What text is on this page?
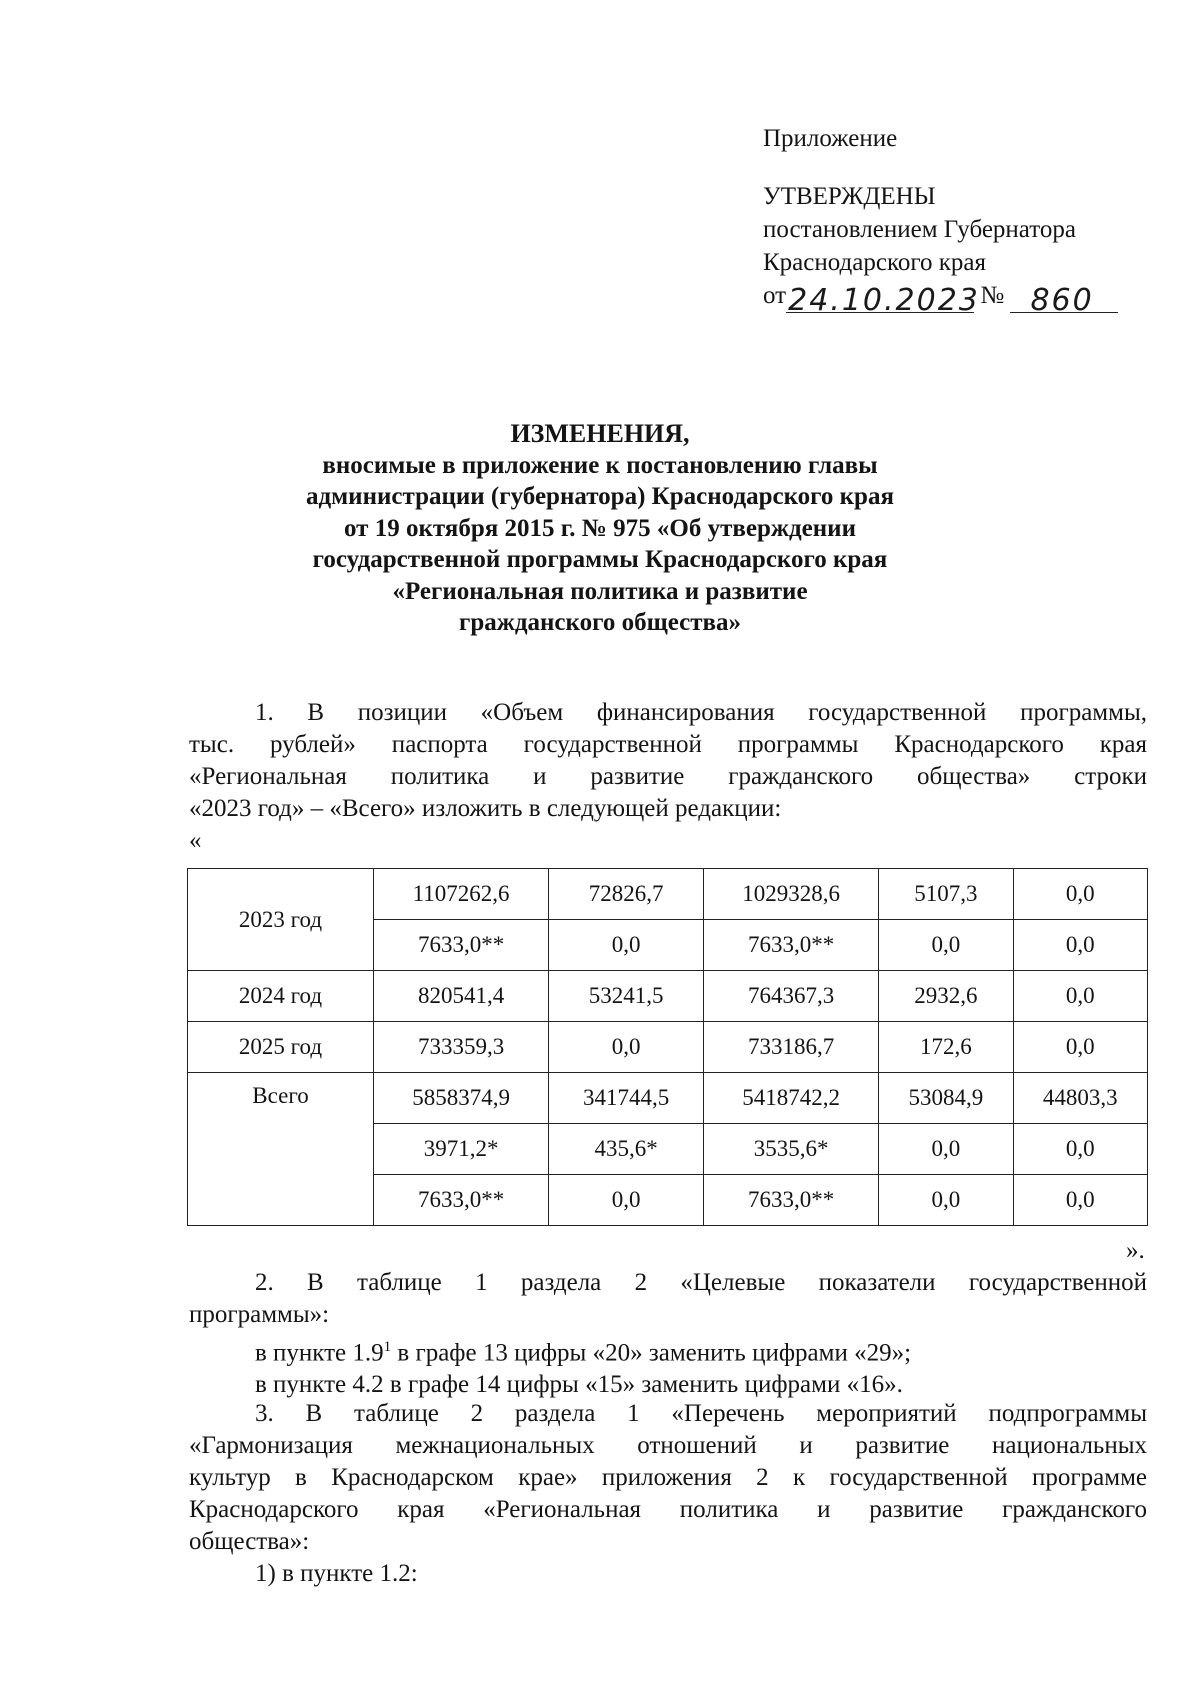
Приложение
УТВЕРЖДЕНЫ
постановлением Губернатора
Краснодарского края
от 24.10.2023 № 860
ИЗМЕНЕНИЯ,
вносимые в приложение к постановлению главы
администрации (губернатора) Краснодарского края
от 19 октября 2015 г. № 975 «Об утверждении
государственной программы Краснодарского края
«Региональная политика и развитие
гражданского общества»
1. В позиции «Объем финансирования государственной программы,
тыс. рублей» паспорта государственной программы Краснодарского края
«Региональная политика и развитие гражданского общества» строки
«2023 год» – «Всего» изложить в следующей редакции:
«
2023 год	1107262,6	72826,7	1029328,6	5107,3	0,0
	7633,0**	0,0	7633,0**	0,0	0,0
2024 год	820541,4	53241,5	764367,3	2932,6	0,0
2025 год	733359,3	0,0	733186,7	172,6	0,0
Всего	5858374,9	341744,5	5418742,2	53084,9	44803,3
	3971,2*	435,6*	3535,6*	0,0	0,0
	7633,0**	0,0	7633,0**	0,0	0,0
».
2. В таблице 1 раздела 2 «Целевые показатели государственной
программы»:
в пункте $1.9^1$ в графе 13 цифры «20» заменить цифрами «29»;
в пункте 4.2 в графе 14 цифры «15» заменить цифрами «16».
3. В таблице 2 раздела 1 «Перечень мероприятий подпрограммы
«Гармонизация межнациональных отношений и развитие национальных
культур в Краснодарском крае» приложения 2 к государственной программе
Краснодарского края «Региональная политика и развитие гражданского
общества»:
1) в пункте 1.2:
